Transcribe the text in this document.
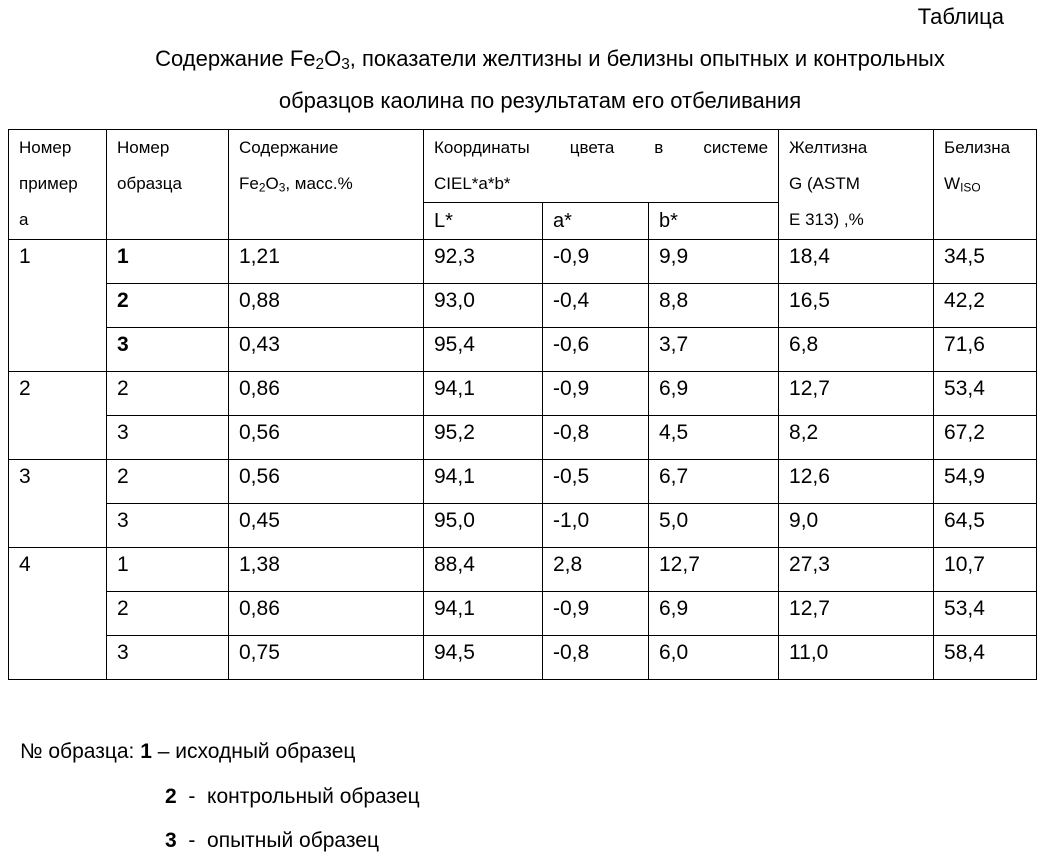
Таблица
Содержание Fe2O3, показатели желтизны и белизны опытных и контрольных
образцов каолина по результатам его отбеливания
Номер
пример
а

Номер
образца

Содержание
Fe2O3, масс.%

Координаты цвета в системе
CIEL*a*b*

Желтизна
G (ASTM
E 313) ,%

Белизна
WISO

L*	a*	b*
1	1	1,21	92,3	-0,9	9,9	18,4	34,5
	2	0,88	93,0	-0,4	8,8	16,5	42,2
	3	0,43	95,4	-0,6	3,7	6,8	71,6
2	2	0,86	94,1	-0,9	6,9	12,7	53,4
	3	0,56	95,2	-0,8	4,5	8,2	67,2
3	2	0,56	94,1	-0,5	6,7	12,6	54,9
	3	0,45	95,0	-1,0	5,0	9,0	64,5
4	1	1,38	88,4	2,8	12,7	27,3	10,7
	2	0,86	94,1	-0,9	6,9	12,7	53,4
	3	0,75	94,5	-0,8	6,0	11,0	58,4
№ образца: 1 – исходный образец
2  -  контрольный образец
3  -  опытный образец
